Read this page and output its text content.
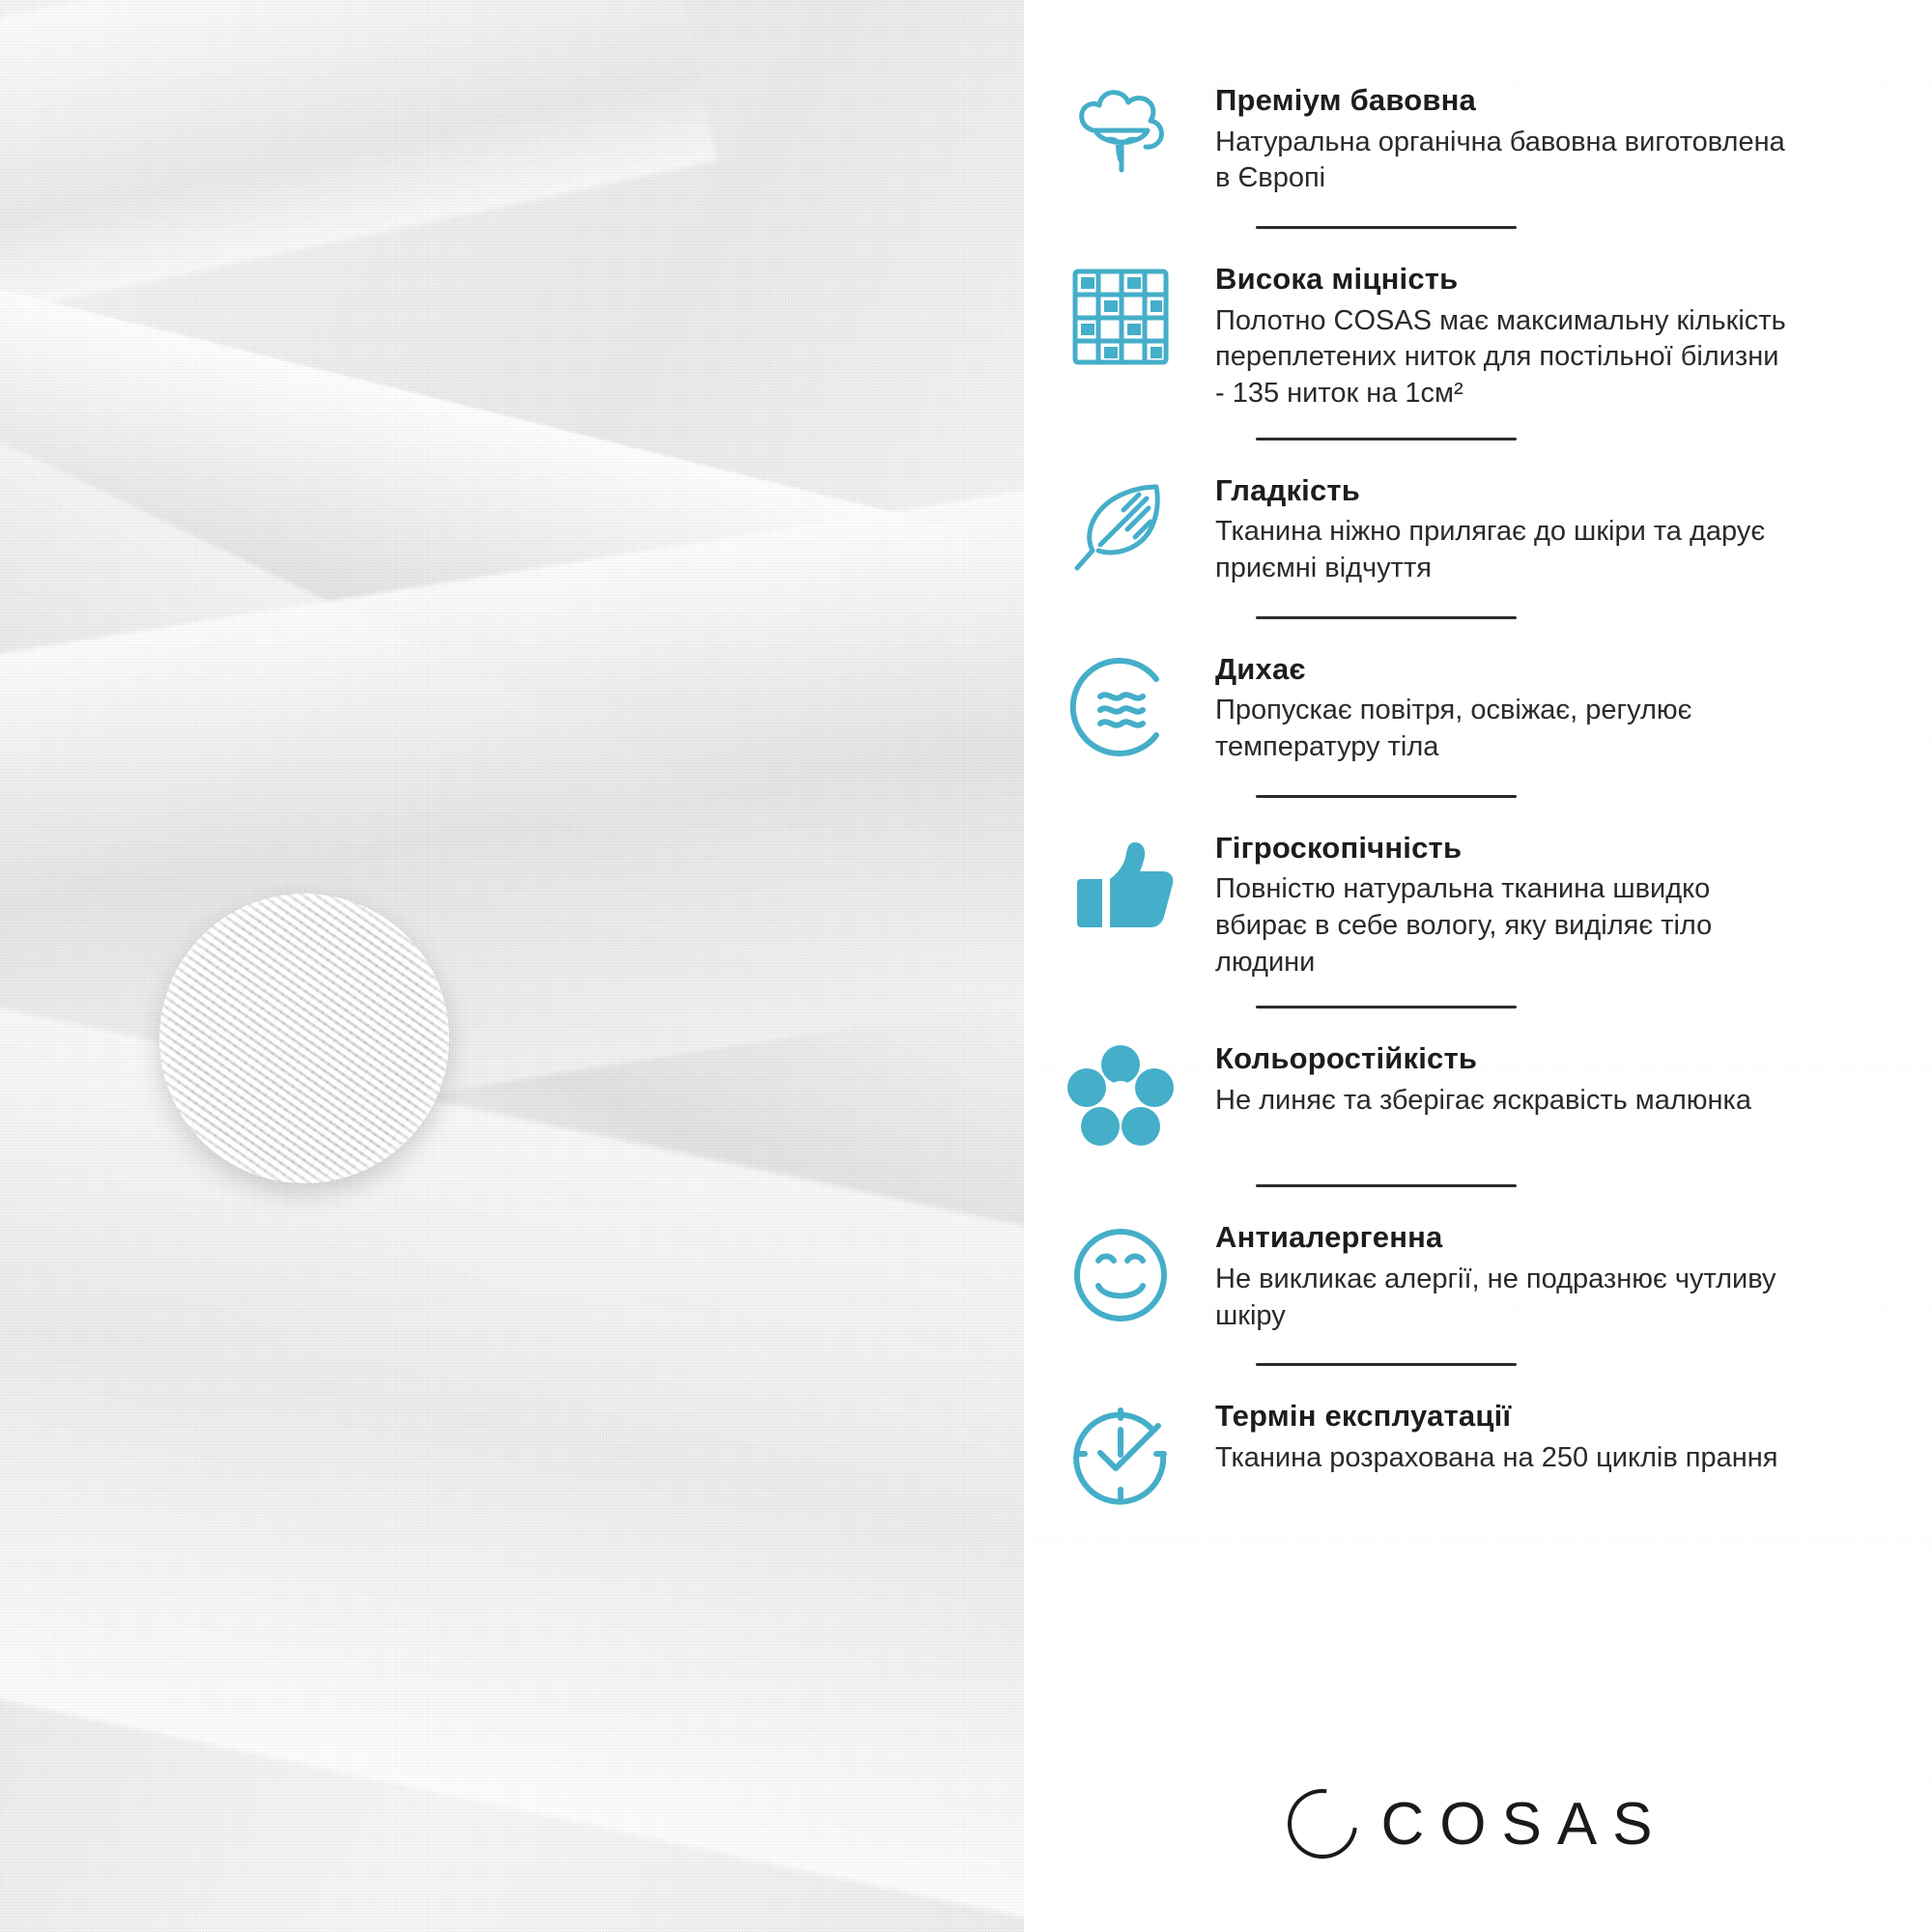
Преміум бавовна
Натуральна органічна бавовна виготовлена в Європі
Висока міцність
Полотно COSAS має максимальну кількість переплетених ниток для постільної білизни - 135 ниток на 1см²
Гладкість
Тканина ніжно прилягає до шкіри та дарує приємні відчуття
Дихає
Пропускає повітря, освіжає, регулює температуру тіла
Гігроскопічність
Повністю натуральна тканина швидко вбирає в себе вологу, яку виділяє тіло людини
Кольоростійкість
Не линяє та зберігає яскравість малюнка
Антиалергенна
Не викликає алергії, не подразнює чутливу шкіру
Термін експлуатації
Тканина розрахована на 250 циклів прання
COSAS
